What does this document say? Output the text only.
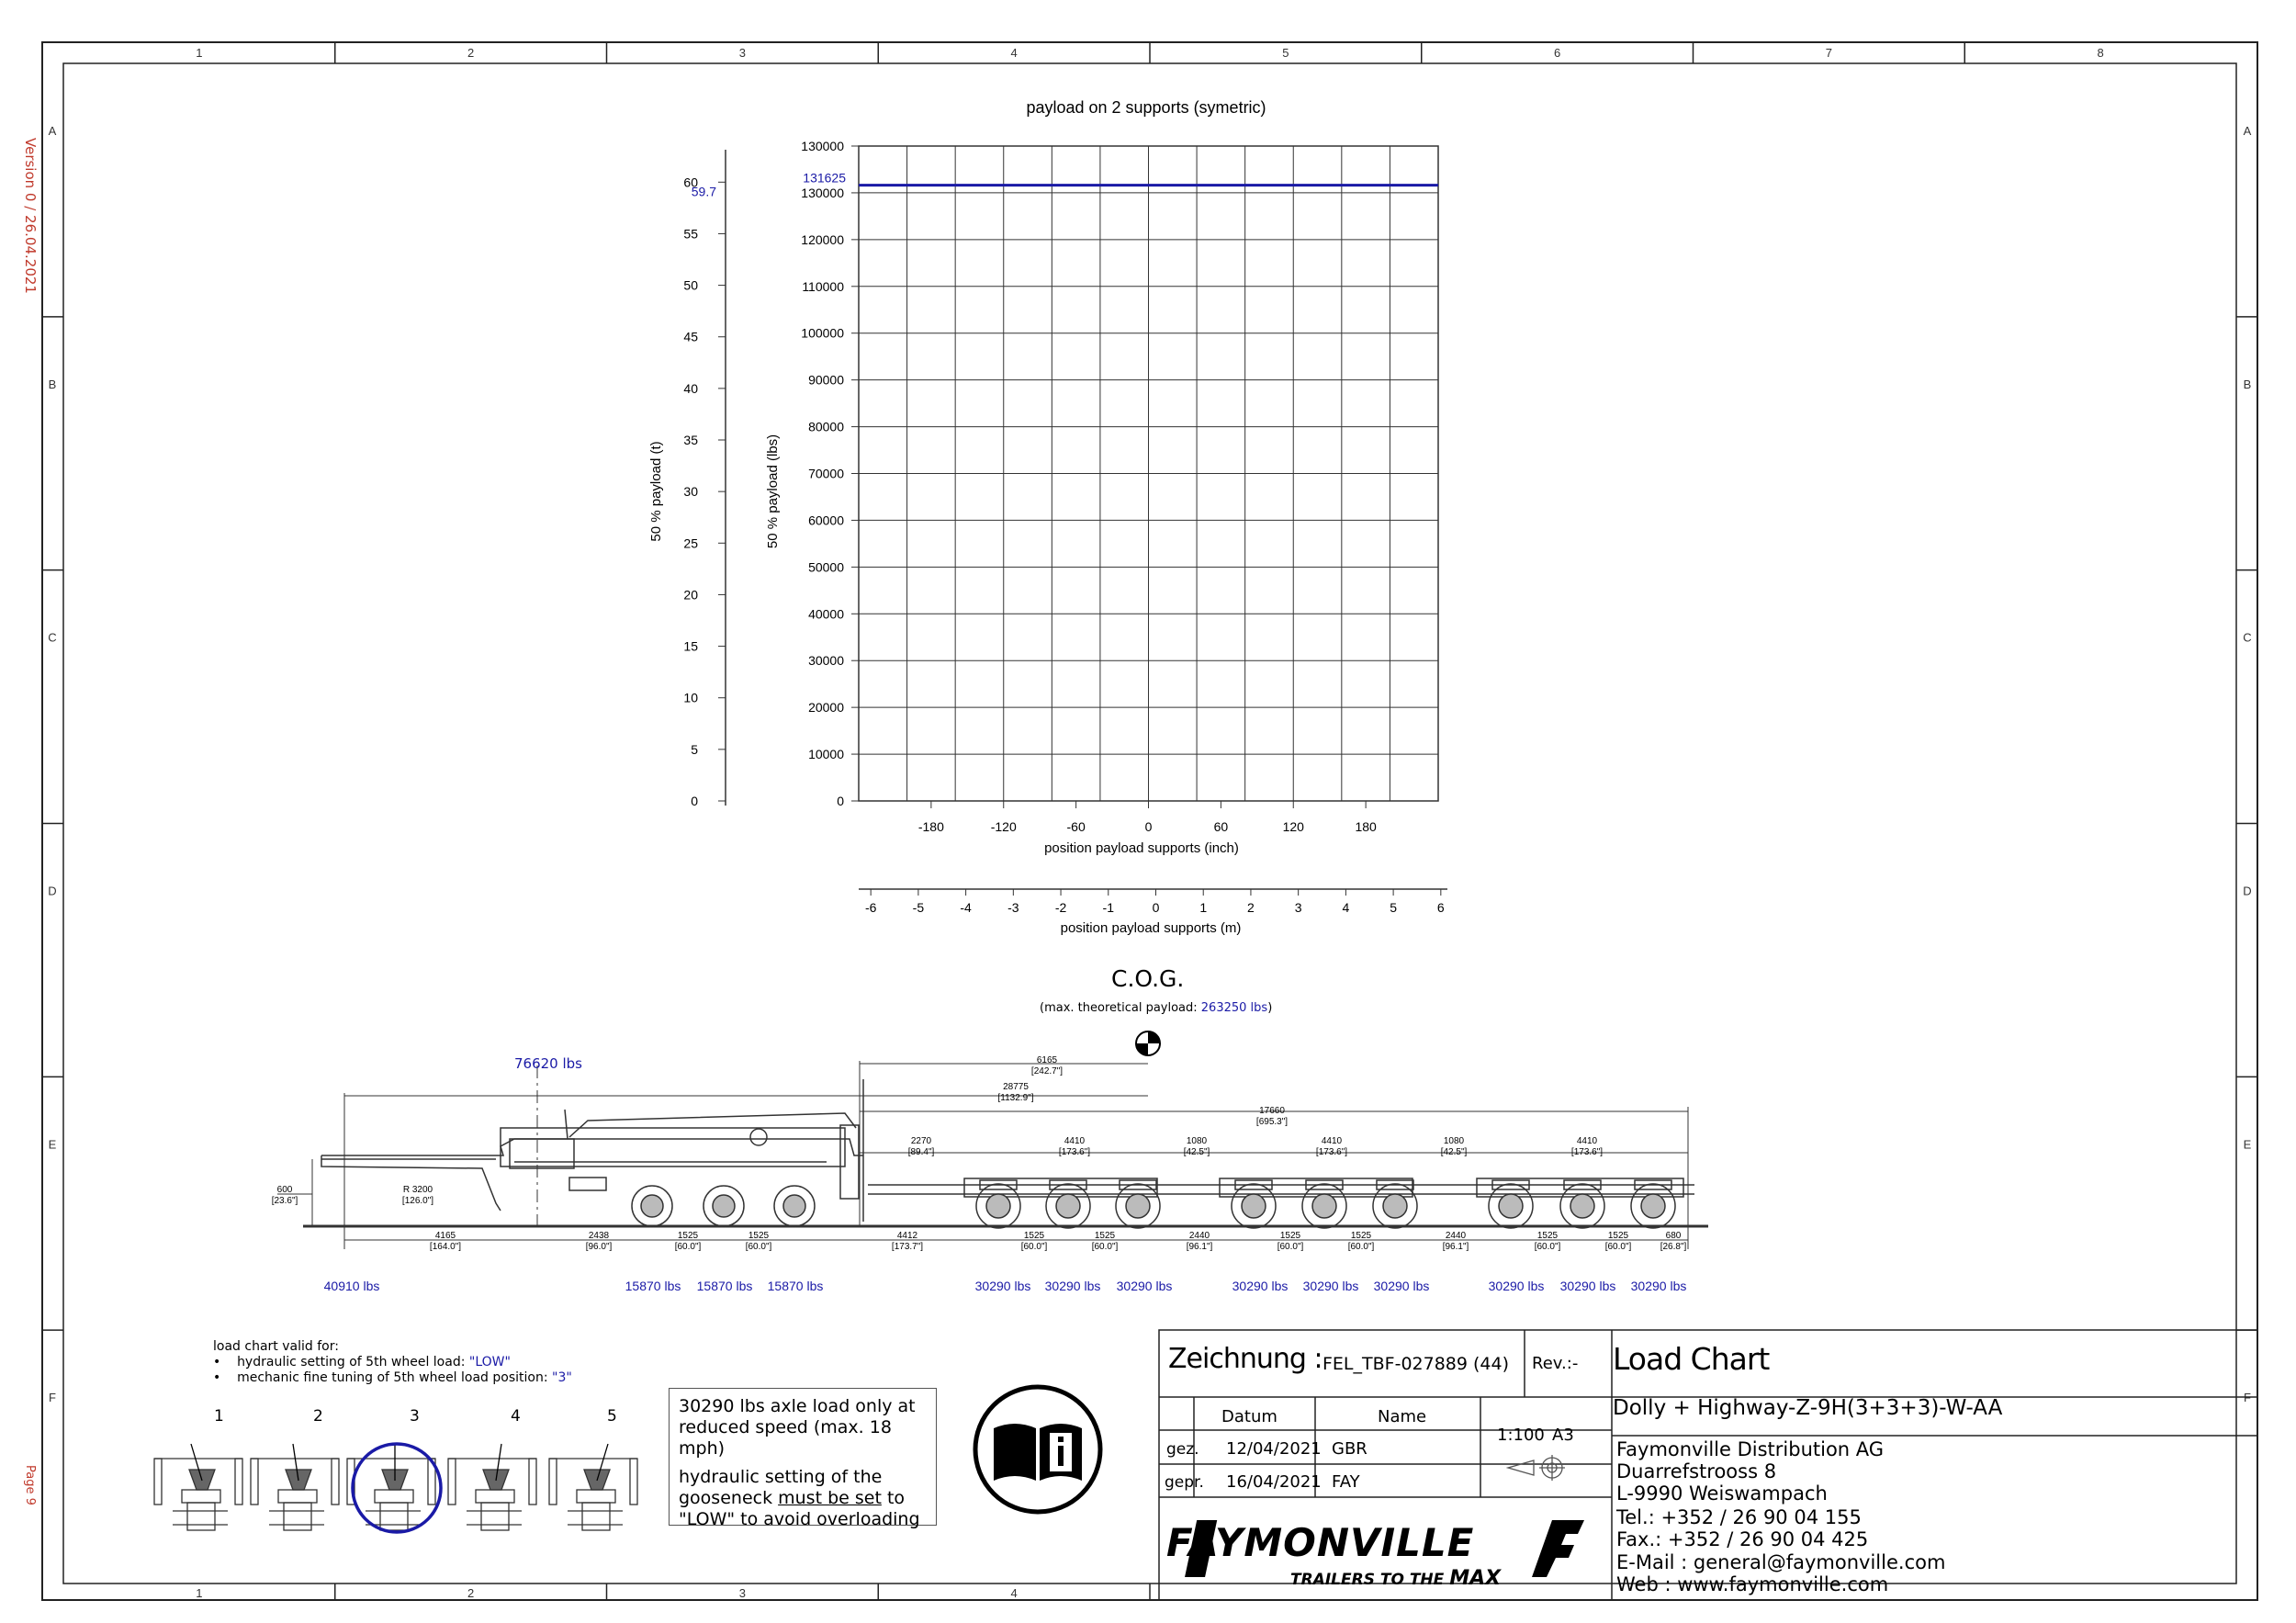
1
1
2
2
3
3
4
4
5	6	7	8
A	A
B	B
C	C
D	D
E	E
F	F
0
10000
20000
30000
40000
50000
60000
70000
80000
90000
100000
110000
120000
130000
130000
131625
0
5
10
15
20
25
30
35
40
45
50
55
60
59.7
-180	-120	-60	0	60	120	180
-6	-5	-4	-3	-2	-1	0	1	2	3	4	5	6
payload on 2 supports (symetric)
position payload supports (inch)
position payload supports (m)
50 % payload (lbs)
50 % payload (t)
6165
[242.7"]
28775
[1132.9"]
17660
[695.3"]
2270
[89.4"]
4410
[173.6"]
1080
[42.5"]
4410
[173.6"]
1080
[42.5"]
4410
[173.6"]
600
[23.6"]
R 3200
[126.0"]
4165
[164.0"]
2438
[96.0"]
1525
[60.0"]
1525
[60.0"]
4412
[173.7"]
1525
[60.0"]
1525
[60.0"]
2440
[96.1"]
1525
[60.0"]
1525
[60.0"]
2440
[96.1"]
1525
[60.0"]
1525
[60.0"]
680
[26.8"]
40910 lbs	15870 lbs 15870 lbs 15870 lbs	30290 lbs 30290 lbs 30290 lbs	30290 lbs 30290 lbs 30290 lbs	30290 lbs 30290 lbs 30290 lbs
Version 0 / 26.04.2021
Page 9
C.O.G.
(max. theoretical payload: 263250 lbs)
76620 lbs
load chart valid for:
•    hydraulic setting of 5th wheel load: "LOW"
•    mechanic fine tuning of 5th wheel load position: "3"
1	2	3	4	5	30290 lbs axle load only at reduced speed (max. 18 mph)
hydraulic setting of the gooseneck must be set to "LOW" to avoid overloading
Zeichnung : FEL_TBF-027889 (44) Rev.:- Load Chart
Dolly + Highway-Z-9H(3+3+3)-W-AA
Datum	Name
gez. 12/04/2021 GBR
gepr. 16/04/2021 FAY
1:100 A3
FAYMONVILLE
TRAILERS TO THE MAX
Faymonville Distribution AG
Duarrefstrooss 8
L-9990 Weiswampach
Tel.: +352 / 26 90 04 155
Fax.: +352 / 26 90 04 425
E-Mail : general@faymonville.com
Web : www.faymonville.com
